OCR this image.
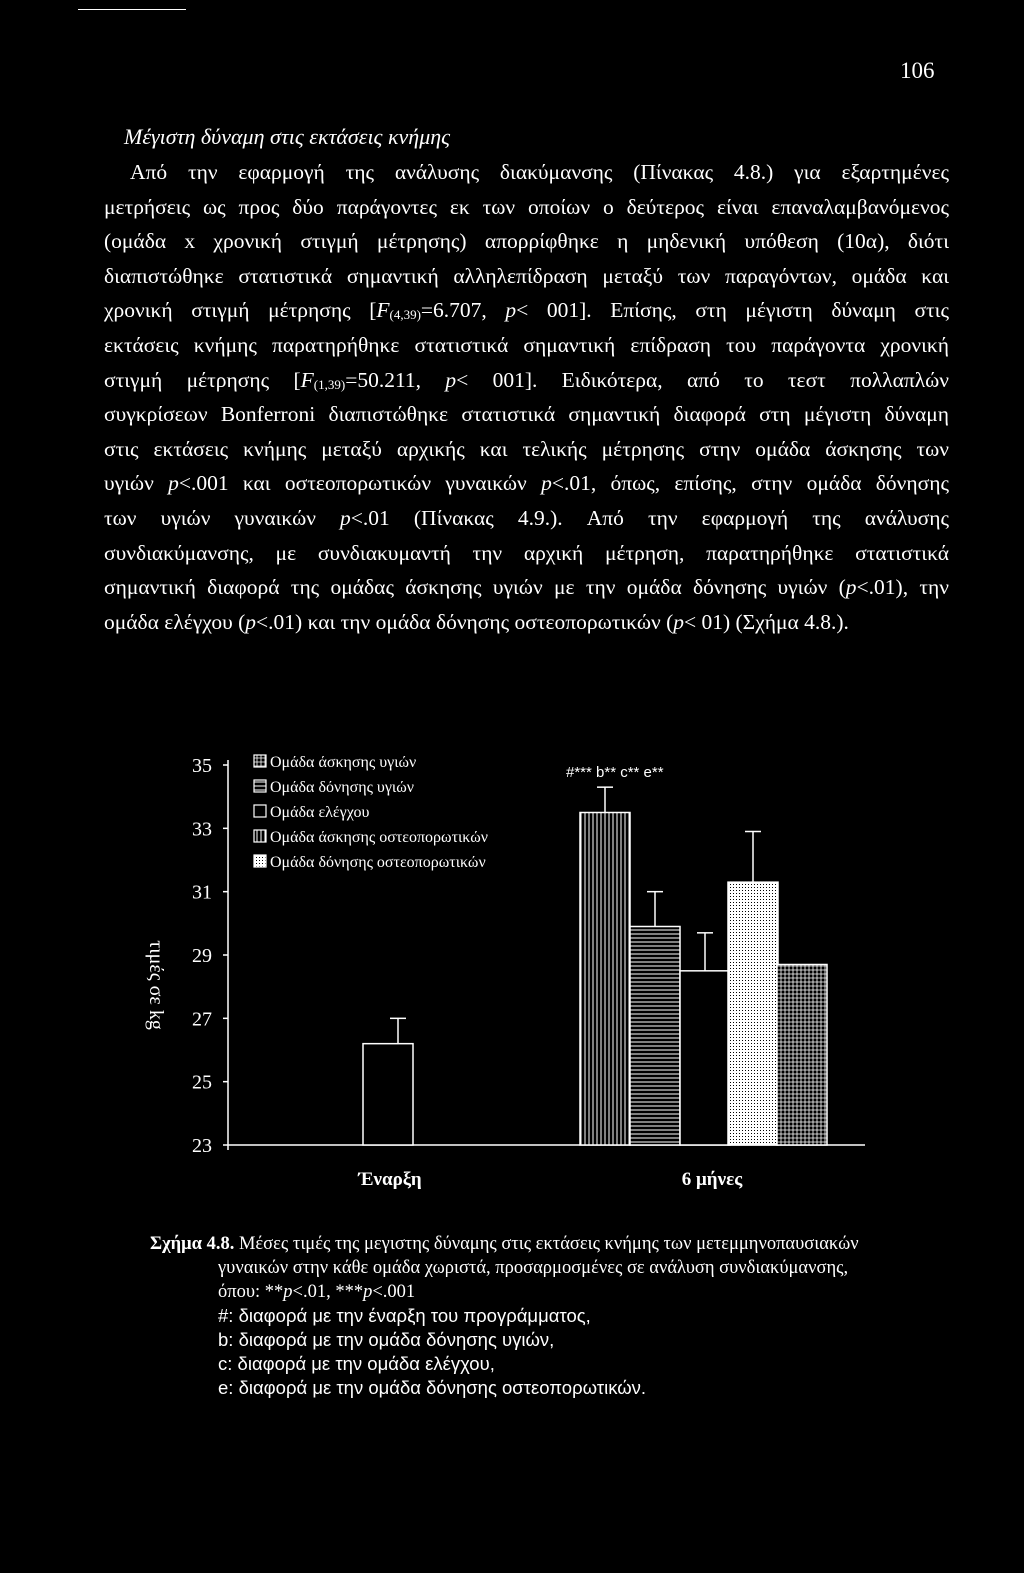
106
Μέγιστη δύναμη στις εκτάσεις κνήμης
Από την εφαρμογή της ανάλυσης διακύμανσης (Πίνακας 4.8.) για εξαρτημένες
μετρήσεις ως προς δύο παράγοντες εκ των οποίων ο δεύτερος είναι επαναλαμβανόμενος
(ομάδα x χρονική στιγμή μέτρησης) απορρίφθηκε η μηδενική υπόθεση (10α), διότι
διαπιστώθηκε στατιστικά σημαντική αλληλεπίδραση μεταξύ των παραγόντων, ομάδα και
χρονική στιγμή μέτρησης [$F_{(4,39)}=6.707$, p< 001]. Επίσης, στη μέγιστη δύναμη στις
εκτάσεις κνήμης παρατηρήθηκε στατιστικά σημαντική επίδραση του παράγοντα χρονική
στιγμή μέτρησης [$F_{(1,39)}=50.211$, p< 001]. Ειδικότερα, από το τεστ πολλαπλών
συγκρίσεων Bonferroni διαπιστώθηκε στατιστικά σημαντική διαφορά στη μέγιστη δύναμη
στις εκτάσεις κνήμης μεταξύ αρχικής και τελικής μέτρησης στην ομάδα άσκησης των
υγιών p<.001 και οστεοπορωτικών γυναικών p<.01, όπως, επίσης, στην ομάδα δόνησης
των υγιών γυναικών p<.01 (Πίνακας 4.9.). Από την εφαρμογή της ανάλυσης
συνδιακύμανσης, με συνδιακυμαντή την αρχική μέτρηση, παρατηρήθηκε στατιστικά
σημαντική διαφορά της ομάδας άσκησης υγιών με την ομάδα δόνησης υγιών (p<.01), την
ομάδα ελέγχου (p<.01) και την ομάδα δόνησης οστεοπορωτικών (p< 01) (Σχήμα 4.8.).
35
33
31
29
27
25
23
τιμές σε kg
#*** b** c** e**
Ομάδα άσκησης υγιών
Ομάδα δόνησης υγιών
Ομάδα ελέγχου
Ομάδα άσκησης οστεοπορωτικών
Ομάδα δόνησης οστεοπορωτικών
Έναρξη	6 μήνες
Σχήμα 4.8. Μέσες τιμές της μεγιστης δύναμης στις εκτάσεις κνήμης των μετεμμηνοπαυσιακών
γυναικών στην κάθε ομάδα χωριστά, προσαρμοσμένες σε ανάλυση συνδιακύμανσης,
όπου: **p<.01, ***p<.001
#: διαφορά με την έναρξη του προγράμματος,
b: διαφορά με την ομάδα δόνησης υγιών,
c: διαφορά με την ομάδα ελέγχου,
e: διαφορά με την ομάδα δόνησης οστεοπορωτικών.
